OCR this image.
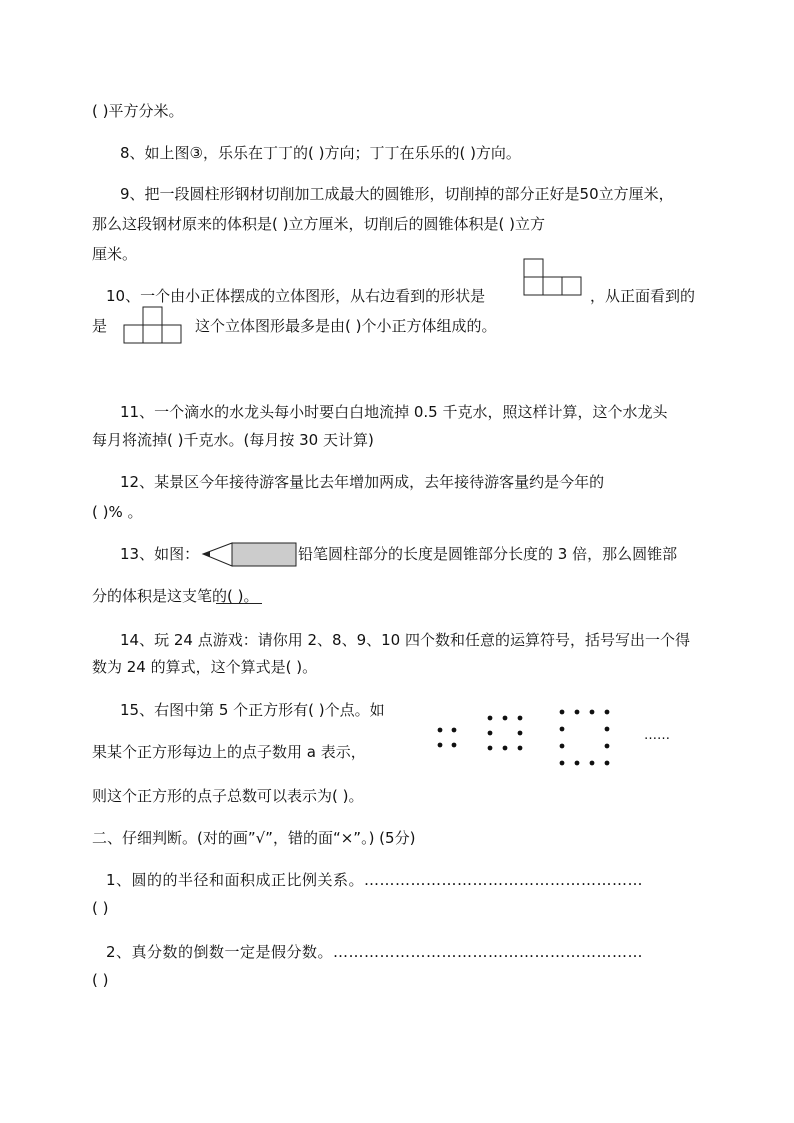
( )平方分米。
8、如上图③，乐乐在丁丁的( )方向；丁丁在乐乐的( )方向。
9、把一段圆柱形钢材切削加工成最大的圆锥形，切削掉的部分正好是50立方厘米，
那么这段钢材原来的体积是( )立方厘米，切削后的圆锥体积是( )立方
厘米。
10、一个由小正体摆成的立体图形，从右边看到的形状是	，从正面看到的
是	这个立体图形最多是由( )个小正方体组成的。
11、一个滴水的水龙头每小时要白白地流掉 0.5 千克水，照这样计算，这个水龙头
每月将流掉( )千克水。(每月按 30 天计算)
12、某景区今年接待游客量比去年增加两成，去年接待游客量约是今年的
( )% 。
13、如图：	铅笔圆柱部分的长度是圆锥部分长度的 3 倍，那么圆锥部
分的体积是这支笔的( )。
14、玩 24 点游戏：请你用 2、8、9、10 四个数和任意的运算符号，括号写出一个得
数为 24 的算式，这个算式是( )。
15、右图中第 5 个正方形有( )个点。如
果某个正方形每边上的点子数用 a 表示，
则这个正方形的点子总数可以表示为( )。
……
二、仔细判断。(对的画”√”，错的面“×”。) (5分)
1、圆的的半径和面积成正比例关系。………………………………………………
( )
2、真分数的倒数一定是假分数。……………………………………………………
( )
